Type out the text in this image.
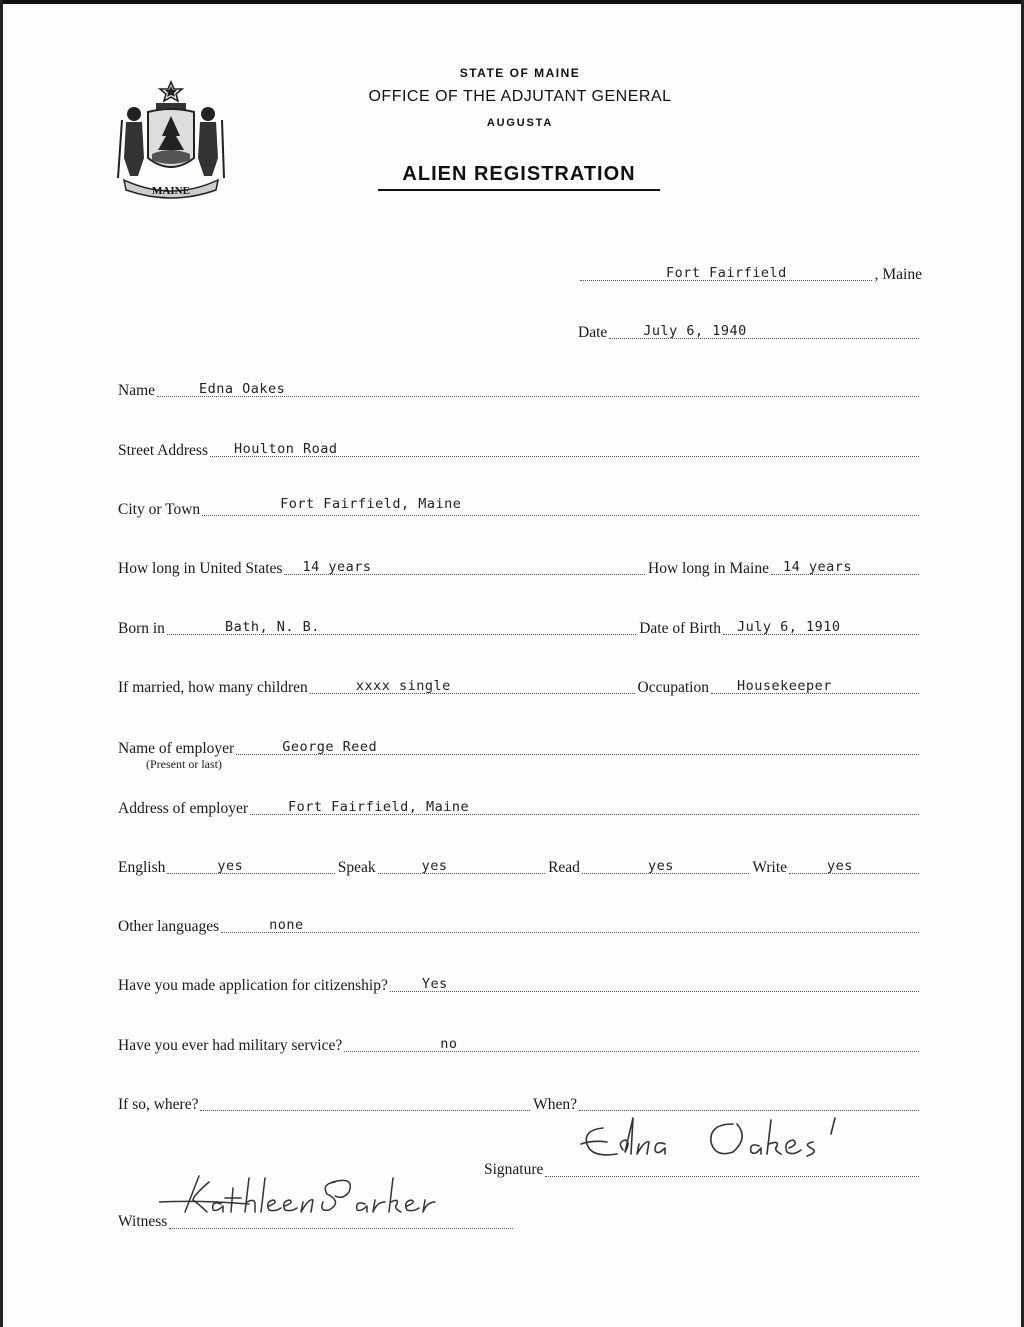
MAINE
STATE OF MAINE
OFFICE OF THE ADJUTANT GENERAL
AUGUSTA
ALIEN REGISTRATION
Fort Fairfield	, Maine
Date	July 6, 1940
Name	Edna Oakes
Street Address Houlton Road
City or Town	Fort Fairfield, Maine
How long in United States 14 years	How long in Maine 14 years
Born in	Bath, N. B.	Date of Birth July 6, 1910
If married, how many children	xxxx single	Occupation Housekeeper
Name of employer	George Reed
(Present or last)
Address of employer	Fort Fairfield, Maine
English	yes	Speak	yes	Read	yes	Write	yes
Other languages	none
Have you made application for citizenship?	Yes
Have you ever had military service?	no
If so, where?	When?
Signature
Witness
